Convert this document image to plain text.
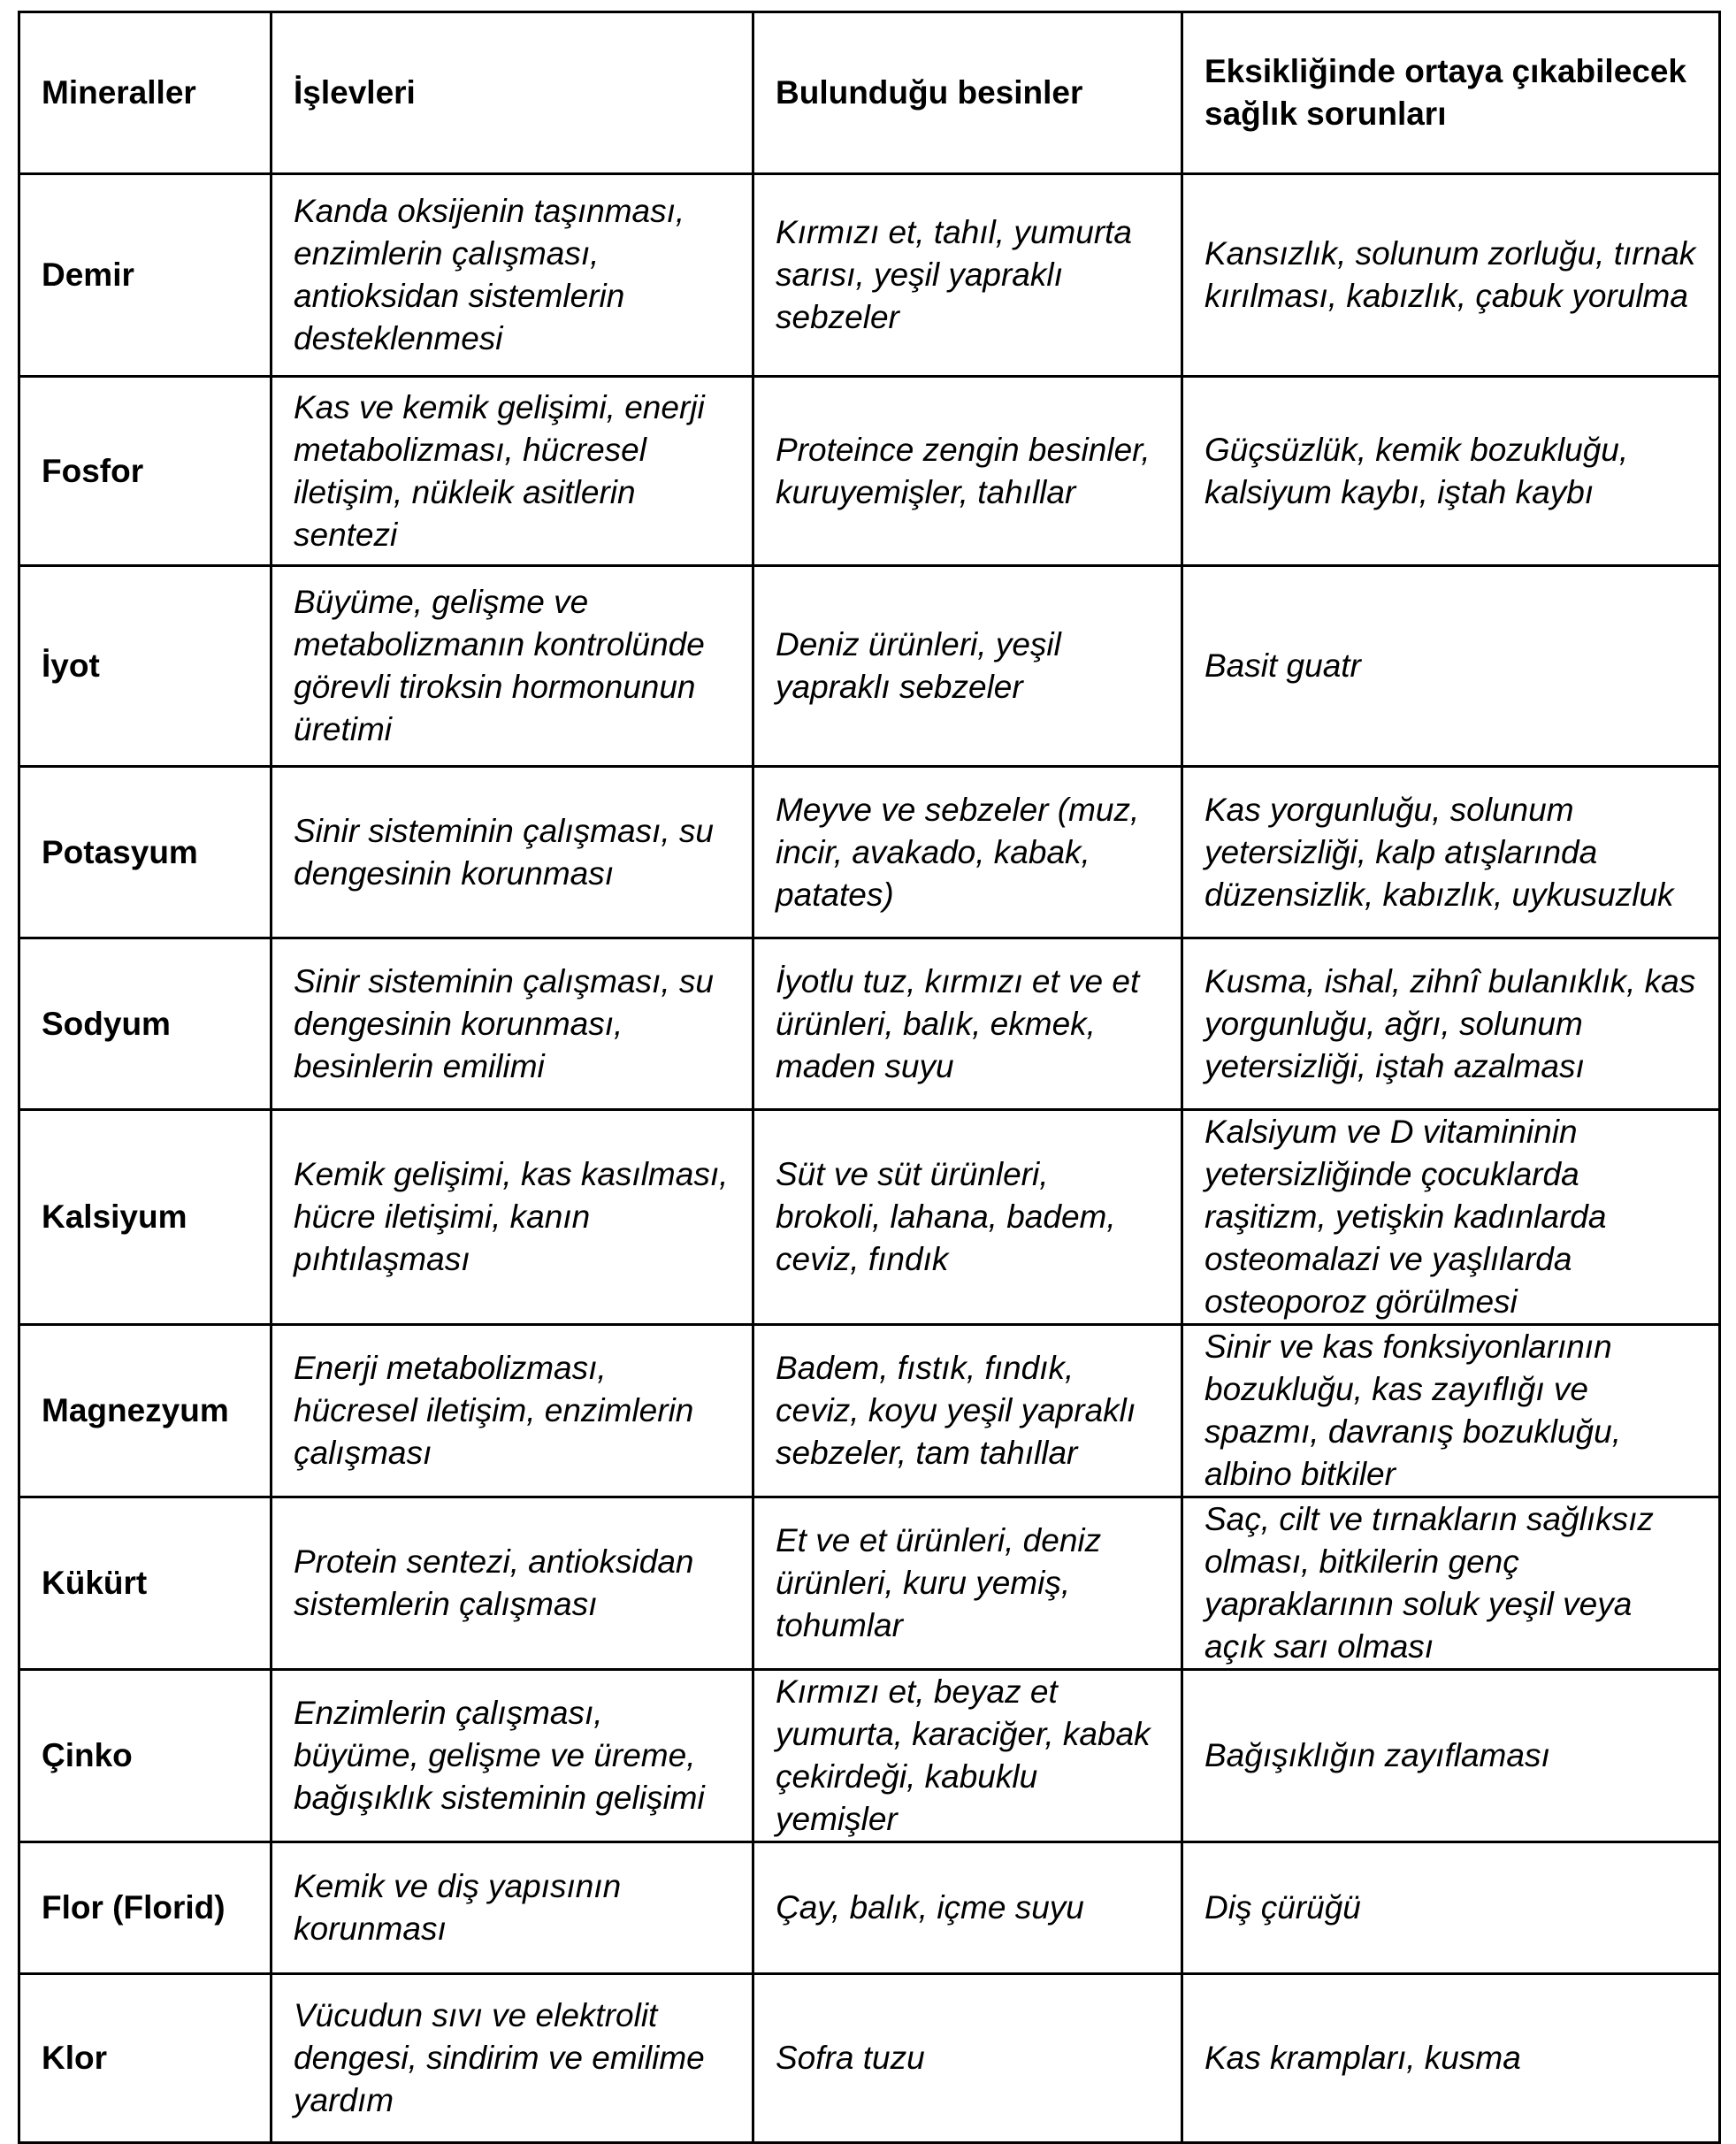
Mineraller	İşlevleri	Bulunduğu besinler	Eksikliğinde ortaya çıkabilecek sağlık sorunları
Demir	Kanda oksijenin taşınması, enzimlerin çalışması, antioksidan sistemlerin desteklenmesi	Kırmızı et, tahıl, yumurta sarısı, yeşil yapraklı sebzeler	Kansızlık, solunum zorluğu, tırnak kırılması, kabızlık, çabuk yorulma
Fosfor	Kas ve kemik gelişimi, enerji metabolizması, hücresel iletişim, nükleik asitlerin sentezi	Proteince zengin besinler, kuruyemişler, tahıllar	Güçsüzlük, kemik bozukluğu, kalsiyum kaybı, iştah kaybı
İyot	Büyüme, gelişme ve metabolizmanın kontrolünde görevli tiroksin hormonunun üretimi	Deniz ürünleri, yeşil yapraklı sebzeler	Basit guatr
Potasyum	Sinir sisteminin çalışması, su dengesinin korunması	Meyve ve sebzeler (muz, incir, avakado, kabak, patates)	Kas yorgunluğu, solunum yetersizliği, kalp atışlarında düzensizlik, kabızlık, uykusuzluk
Sodyum	Sinir sisteminin çalışması, su dengesinin korunması, besinlerin emilimi	İyotlu tuz, kırmızı et ve et ürünleri, balık, ekmek, maden suyu	Kusma, ishal, zihnî bulanıklık, kas yorgunluğu, ağrı, solunum yetersizliği, iştah azalması
Kalsiyum	Kemik gelişimi, kas kasılması, hücre iletişimi, kanın pıhtılaşması	Süt ve süt ürünleri, brokoli, lahana, badem, ceviz, fındık	Kalsiyum ve D vitamininin yetersizliğinde çocuklarda raşitizm, yetişkin kadınlarda osteomalazi ve yaşlılarda osteoporoz görülmesi
Magnezyum	Enerji metabolizması, hücresel iletişim, enzimlerin çalışması	Badem, fıstık, fındık, ceviz, koyu yeşil yapraklı sebzeler, tam tahıllar	Sinir ve kas fonksiyonlarının bozukluğu, kas zayıflığı ve spazmı, davranış bozukluğu, albino bitkiler
Kükürt	Protein sentezi, antioksidan sistemlerin çalışması	Et ve et ürünleri, deniz ürünleri, kuru yemiş, tohumlar	Saç, cilt ve tırnakların sağlıksız olması, bitkilerin genç yapraklarının soluk yeşil veya açık sarı olması
Çinko	Enzimlerin çalışması, büyüme, gelişme ve üreme, bağışıklık sisteminin gelişimi	Kırmızı et, beyaz et yumurta, karaciğer, kabak çekirdeği, kabuklu yemişler	Bağışıklığın zayıflaması
Flor (Florid)	Kemik ve diş yapısının korunması	Çay, balık, içme suyu	Diş çürüğü
Klor	Vücudun sıvı ve elektrolit dengesi, sindirim ve emilime yardım	Sofra tuzu	Kas krampları, kusma
